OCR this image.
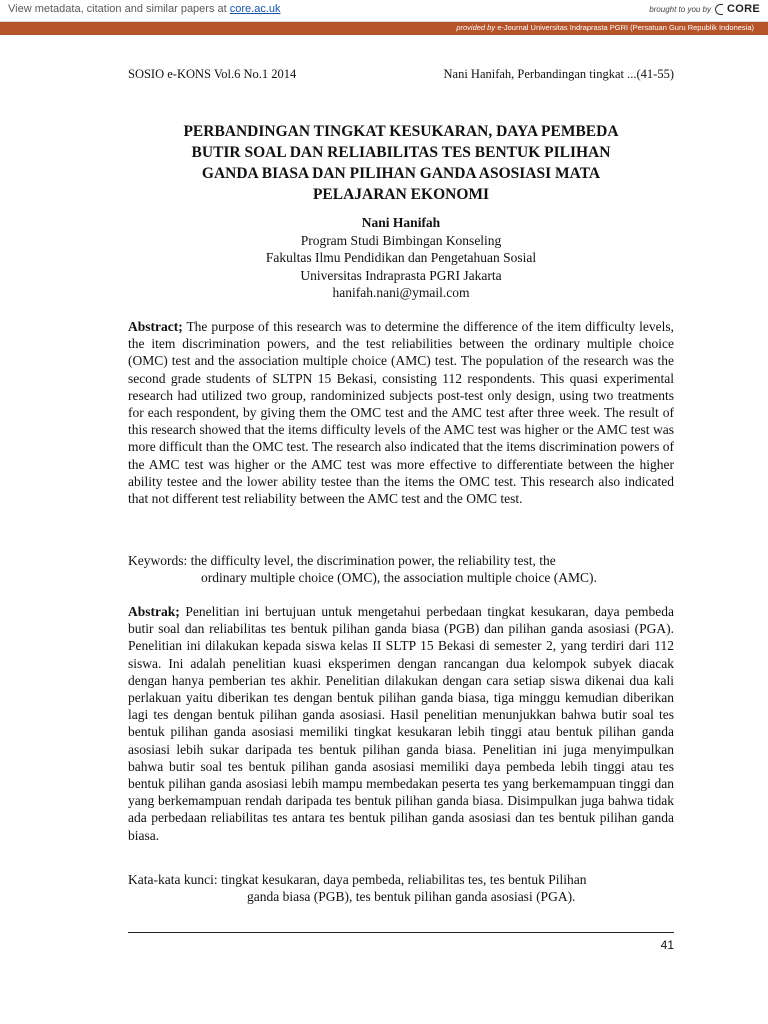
View metadata, citation and similar papers at core.ac.uk	brought to you by CORE
provided by e-Journal Universitas Indraprasta PGRI (Persatuan Guru Republik Indonesia)
SOSIO e-KONS Vol.6 No.1 2014	Nani Hanifah, Perbandingan tingkat ...(41-55)
PERBANDINGAN TINGKAT KESUKARAN, DAYA PEMBEDA
BUTIR SOAL DAN RELIABILITAS TES BENTUK PILIHAN
GANDA BIASA DAN PILIHAN GANDA ASOSIASI MATA
PELAJARAN EKONOMI
Nani Hanifah
Program Studi Bimbingan Konseling
Fakultas Ilmu Pendidikan dan Pengetahuan Sosial
Universitas Indraprasta PGRI Jakarta
hanifah.nani@ymail.com
Abstract; The purpose of this research was to determine the difference of the item difficulty levels, the item discrimination powers, and the test reliabilities between the ordinary multiple choice (OMC) test and the association multiple choice (AMC) test. The population of the research was the second grade students of SLTPN 15 Bekasi, consisting 112 respondents. This quasi experimental research had utilized two group, randominized subjects post-test only design, using two treatments for each respondent, by giving them the OMC test and the AMC test after three week. The result of this research showed that the items difficulty levels of the AMC test was higher or the AMC test was more difficult than the OMC test. The research also indicated that the items discrimination powers of the AMC test was higher or the AMC test was more effective to differentiate between the higher ability testee and the lower ability testee than the items the OMC test. This research also indicated that not different test reliability between the AMC test and the OMC test.
Keywords: the difficulty level, the discrimination power, the reliability test, the
ordinary multiple choice (OMC), the association multiple choice (AMC).
Abstrak; Penelitian ini bertujuan untuk mengetahui perbedaan tingkat kesukaran, daya pembeda butir soal dan reliabilitas tes bentuk pilihan ganda biasa (PGB) dan pilihan ganda asosiasi (PGA). Penelitian ini dilakukan kepada siswa kelas II SLTP 15 Bekasi di semester 2, yang terdiri dari 112 siswa. Ini adalah penelitian kuasi eksperimen dengan rancangan dua kelompok subyek diacak dengan hanya pemberian tes akhir. Penelitian dilakukan dengan cara setiap siswa dikenai dua kali perlakuan yaitu diberikan tes dengan bentuk pilihan ganda biasa, tiga minggu kemudian diberikan lagi tes dengan bentuk pilihan ganda asosiasi. Hasil penelitian menunjukkan bahwa butir soal tes bentuk pilihan ganda asosiasi memiliki tingkat kesukaran lebih tinggi atau bentuk pilihan ganda asosiasi lebih sukar daripada tes bentuk pilihan ganda biasa. Penelitian ini juga menyimpulkan bahwa butir soal tes bentuk pilihan ganda asosiasi memiliki daya pembeda lebih tinggi atau tes bentuk pilihan ganda asosiasi lebih mampu membedakan peserta tes yang berkemampuan tinggi dan yang berkemampuan rendah daripada tes bentuk pilihan ganda biasa. Disimpulkan juga bahwa tidak ada perbedaan reliabilitas tes antara tes bentuk pilihan ganda asosiasi dan tes bentuk pilihan ganda biasa.
Kata-kata kunci: tingkat kesukaran, daya pembeda, reliabilitas tes, tes bentuk Pilihan
ganda biasa (PGB), tes bentuk pilihan ganda asosiasi (PGA).
41
